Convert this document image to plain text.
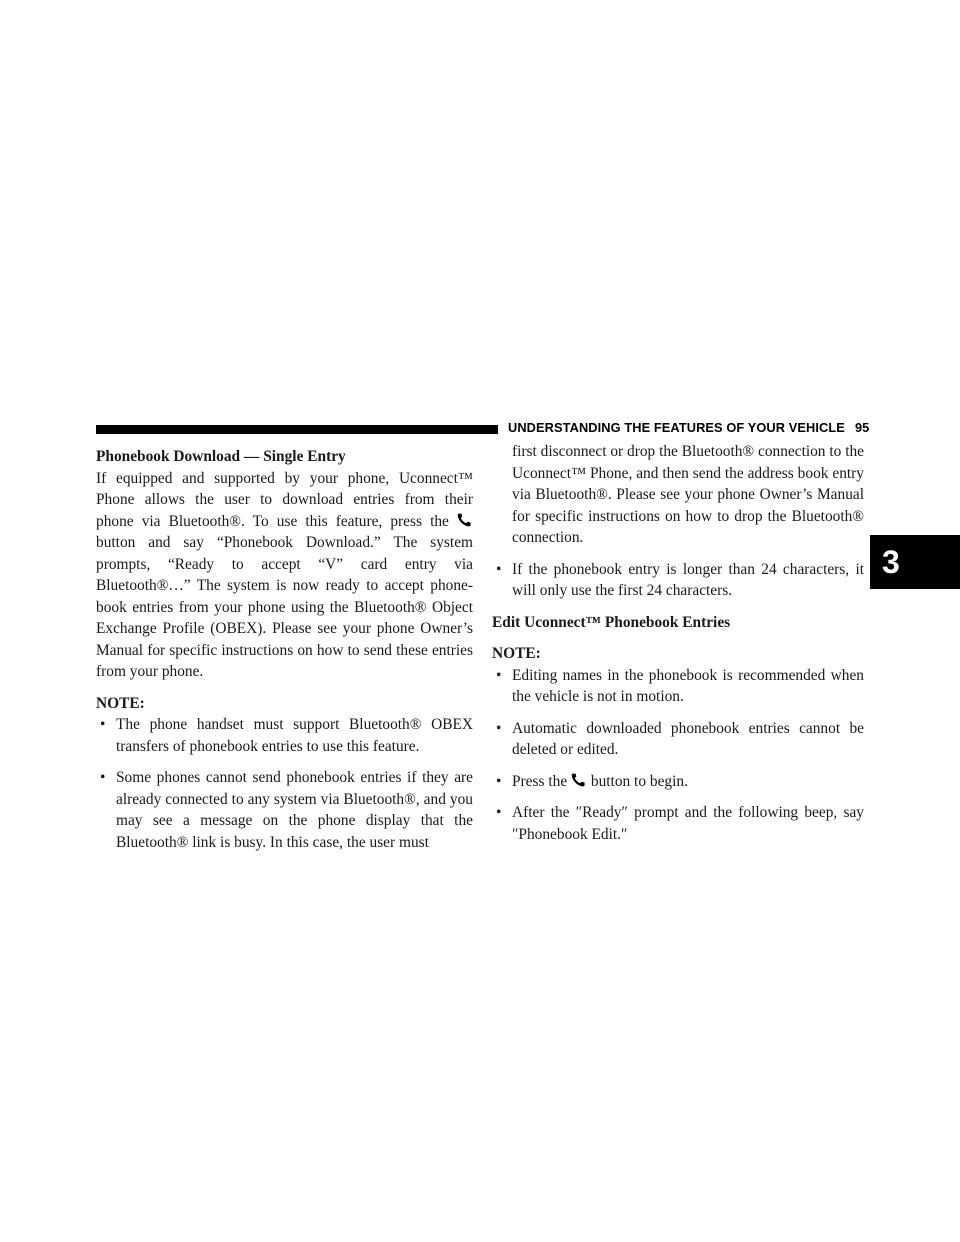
UNDERSTANDING THE FEATURES OF YOUR VEHICLE 95
3
Phonebook Download — Single Entry
If equipped and supported by your phone, Uconnect™
Phone allows the user to download entries from their
phone via Bluetooth®. To use this feature, press the
button and say “Phonebook Download.” The system prompts, “Ready to accept “V” card entry via Bluetooth®…” The system is now ready to accept phone-book entries from your phone using the Bluetooth® Object Exchange Profile (OBEX). Please see your phone Owner’s Manual for specific instructions on how to send these entries from your phone.
NOTE:
• The phone handset must support Bluetooth® OBEX transfers of phonebook entries to use this feature.
• Some phones cannot send phonebook entries if they are already connected to any system via Bluetooth®, and you may see a message on the phone display that the Bluetooth® link is busy. In this case, the user must
first disconnect or drop the Bluetooth® connection to the Uconnect™ Phone, and then send the address book entry via Bluetooth®. Please see your phone Owner’s Manual for specific instructions on how to drop the Bluetooth® connection.
• If the phonebook entry is longer than 24 characters, it will only use the first 24 characters.
Edit Uconnect™ Phonebook Entries
NOTE:
• Editing names in the phonebook is recommended when the vehicle is not in motion.
• Automatic downloaded phonebook entries cannot be deleted or edited.
• Press the button to begin.
• After the ″Ready″ prompt and the following beep, say ″Phonebook Edit.″
